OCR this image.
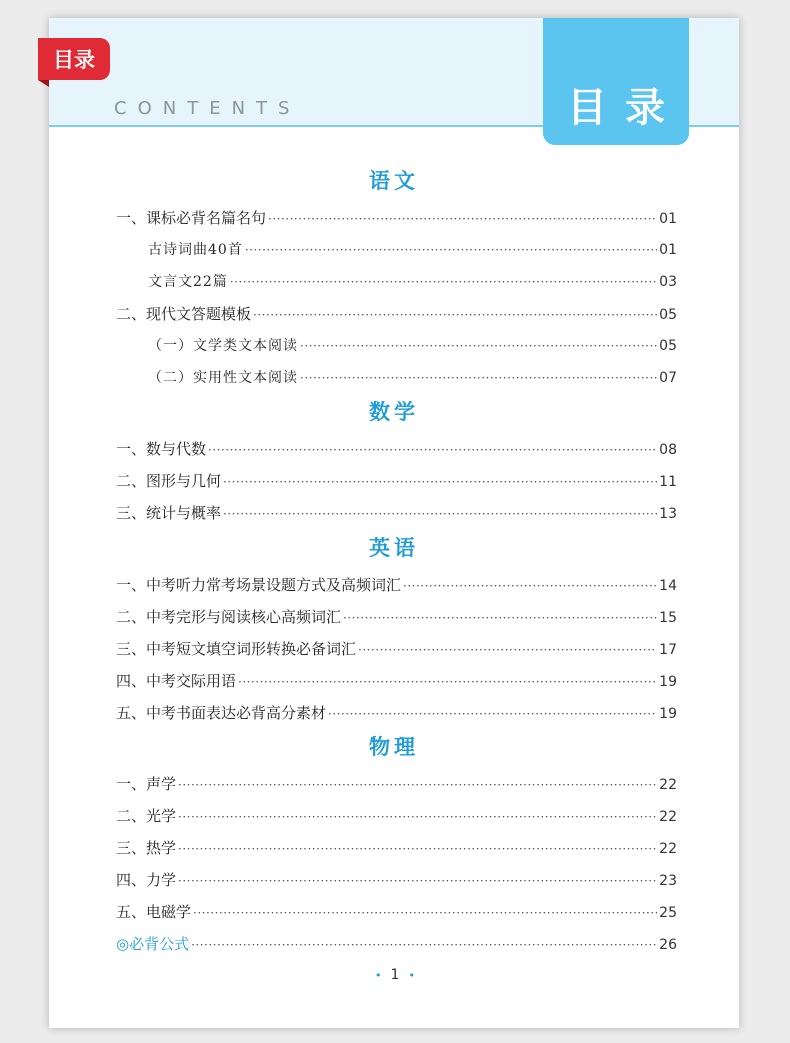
CONTENTS	目录
目录
语文
一、课标必背名篇名句 ·····	01
古诗词曲40首 ·····	01
文言文22篇 ·····	03
二、现代文答题模板 ·····	05
（一）文学类文本阅读 ·····	05
（二）实用性文本阅读 ·····	07
数学
一、数与代数 ·····	08
二、图形与几何 ·····	11
三、统计与概率 ·····	13
英语
一、中考听力常考场景设题方式及高频词汇 ·····	14
二、中考完形与阅读核心高频词汇 ·····	15
三、中考短文填空词形转换必备词汇 ·····	17
四、中考交际用语 ·····	19
五、中考书面表达必背高分素材 ·····	19
物理
一、声学 ·····	22
二、光学 ·····	22
三、热学 ·····	22
四、力学 ·····	23
五、电磁学 ·····	25
◎必背公式 ·····	26
• 1 •
